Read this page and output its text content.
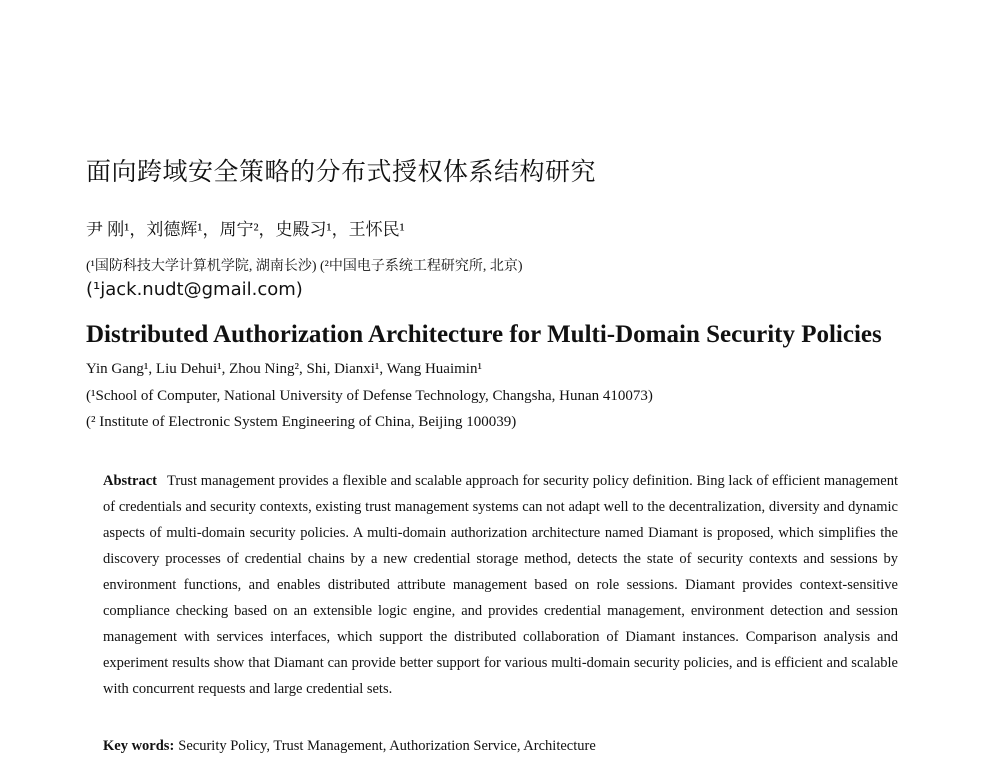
面向跨域安全策略的分布式授权体系结构研究
尹 刚¹，刘德辉¹，周宁²，史殿习¹，王怀民¹
(¹国防科技大学计算机学院, 湖南长沙) (²中国电子系统工程研究所, 北京)
(¹jack.nudt@gmail.com)
Distributed Authorization Architecture for Multi-Domain Security Policies
Yin Gang¹, Liu Dehui¹, Zhou Ning², Shi, Dianxi¹, Wang Huaimin¹
(¹School of Computer, National University of Defense Technology, Changsha, Hunan 410073)
(² Institute of Electronic System Engineering of China, Beijing 100039)
Abstract Trust management provides a flexible and scalable approach for security policy definition. Bing lack of efficient management of credentials and security contexts, existing trust management systems can not adapt well to the decentralization, diversity and dynamic aspects of multi-domain security policies. A multi-domain authorization architecture named Diamant is proposed, which simplifies the discovery processes of credential chains by a new credential storage method, detects the state of security contexts and sessions by environment functions, and enables distributed attribute management based on role sessions. Diamant provides context-sensitive compliance checking based on an extensible logic engine, and provides credential management, environment detection and session management with services interfaces, which support the distributed collaboration of Diamant instances. Comparison analysis and experiment results show that Diamant can provide better support for various multi-domain security policies, and is efficient and scalable with concurrent requests and large credential sets.
Key words: Security Policy, Trust Management, Authorization Service, Architecture
